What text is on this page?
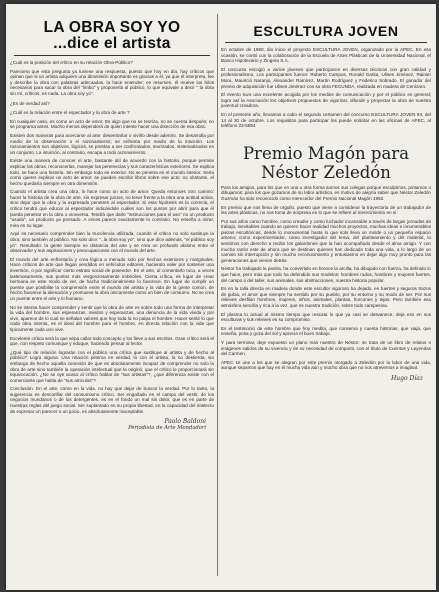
LA OBRA SOY YO
...dice el artista

¿Cuál es la posición del crítico en su relación Obra-Público?

Pareciera que esta pregunta ya tuviese una respuesta, puesto que hoy en día, hay críticos que opinan que si un artista adquiere una dimensión importante es gracias a él, ya que él interpreta, lee y describe la obra con palabras adecuadas, la hace entender; en resumen, él mueve los hilos necesarios para sacar la obra del "limbo" y proponerla al público, lo que equivale a decir " la obra sin mí, críticos, es nada. La obra soy yo".

¿Es de verdad así?

¿Cuál es la relación entre el espectador y la obra de arte ?

En cualquier caso, es como un acto de amor. Es algo que no se teoriza, no se cuenta después; no se programa antes. Mucho menos dependerá de quien intente hacer una disección de esa obra.

Existen dos maneras para acercarse al arte: desentrañar o vivirlo desde adentro. Se desarrolla por medio de la observación o el razonamiento; se enfrenta por medio de la intuición. Los razonamientos son objetivos, lógicos, se prestan a ser confrontados, teorizados, sistematizados en un conjunto. La intuición, al contrario, escapa a todo razonamiento.

Existe una manera de conocer el arte, bastante útil de acuerdo con la historia, porque permite explicar las obras, reconocerlas, manejar las pertenecias y sus características exteriores. Se explica todo, se hace una historia. Sin embargo todo es exterior. No se penetra en el mundo interior. Sería como querer explicar un acto de amor: se pueden escribir libros sobre ese acto: no obstante, el hecho quedaría siempre en otra dimensión.

Cuando el artista crea una obra, lo hace como un acto de amor. Queda entonces otro camino: hacer la historia de la obra de arte, sin expresar juicios, no tener frente a la obra una actitud activa, sino dejar que la obra y la expresado penetren al espectador. Si esta hipótesis es la correcta, el crítico tendrá que educar al espectador indicándole cuáles son los puntos por abrir para que él pueda penetrar en la obra o viceversa. Tendrá que darle "instrucciones para el uso" no un producto "usado", un producto ya pensado. A veces parece exactamente lo contrario. No enseña a mirar, mira en su lugar.

Aquí es necesario comprender bien la trucolencia utilizada, cuando el crítico no solo sustituye la obra, sino también al público. No solo dice: "..la obra soy yo", sino que dice además, "el público soy yo". Resultado: la gente siempre se distancia del arte y se crea un profundo abismo entre el observador y sus aspiraciones y preocupaciones con el mundo del arte.

El mundo del arte enfrentaría y crea lógica a menudo solo por hechos exteriores y marginales. Hace críticos de arte que llegan vendidos en vehículos editores, haciendo valer por sostener una inversión, o por significar cierto estrato social de poseedor. En el arte, al comentarlo toca, a veces lastimosamente, sus puntos más vergonzosamente imbéciles. Cierta crítica, es lugar de crear hermana en este modo de ver, de hacho tradicionalmente lo favorece. En lugar de cumplir un puente que posibilite la comprensión entre el mundo del artista y la vida de la gente común, de hecho favorece la alienación y promueve la obra únicamente como un bien de consumo. No se crea un puente entre el arte y lo humano.

No se intenta hacer comprender y sentir que la obra de arte es sobre todo una forma de interpretar la vida del hombre, sus esperanzas, miedos y esperanzas, una denuncia de la vida vivida y por vivir, aparece de lo cual se señalan valores que hoy toda la no palpa el hombre. Hacer sentir lo que cada obra intenta, es el ideal del hombre para el hombre, en directa relación con la vida que tipicamente cada uno vive.

Excelente crítica será la que sepa callar todo concepto y los lleve a sus escritos. Gran crítico será el que, con respeto comunique y eduque, haciendo pensar al lector.

¿Qué tipo de relación lograrán con el público una crítica que sustituye al artista y de hecho al público? Logra alguna. Una relación pésima en verdad, lo con el artista, la no destierda, sin embargo de hecho aquella conexión de que es absolutamente incapaz de comprender no solo la obra de arte sino también la operación intelectual que la originó, que el crítico le proporcionará sin equivocación. ¿No se oye acaso al crítico hablar de "sus artistas"?, ¿que diferencia existe con el comerciante que habla de "sus artículos"?

Conclusión. En el arte, como en la vida, no hay que dejar de buscar la verdad. Por lo tanto, la sugerencia es desconfiar del consumismo crítico. Ser engañado en el campo del vestir, de los negocios mundanos o de los detergentes, es en el fondo un mal sin dolor, que es en parte de nuestras reglas del juego social. Ser suplantado en su propia libertad, en la capacidad del intelecto de expresar un parecer o un juicio, es absolutamente inaceptable.

Paolo Baldoni
Periodista de Arte Mondadori
ESCULTURA JOVEN

En octubre de 1990, dio inicio el proyecto ESCULTURA JOVEN, organizado por la APEC. En esa ocasión, se contó con la colaboración de la Escuela de Artes Plásticas de la Universidad Nacional, el Banco Hipotecario y Zingera S.A.

El concurso escogió a varios jóvenes que participaron en diversas técnicas con gran calidad y profesionalismo. Los participantes fueron: Roberto Campos, Ronald Garita, Ulises Jiménez, Rainier Mora, Mauricio Naranjo, Alexander Ramírez, Martín Rodríguez y Federico Sobrado. El ganador del premio de adquisición fue Ulises Jiménez con su obra FECUNDA, realizada en madera de Cenízaro.

El evento tuvo una excelente acogida por los medios de comunicación y por el público en general; logra así la Asociación los objetivos propuestos de vigorizar, difundir y proyectar la obra de nuestra juventud creadora.

En el presente año, llevamos a cabo el segundo certamen del concurso ESCULTURA JOVEN 93, del 14 al 30 de octubre. Los requisitos para participar los puede solicitar en las oficinas de APEC, al teléfono 23-5854

Premio Magón para Néstor Zeledón

Para los amigos, para los que en una u otra forma somos sus colegas porque esculpimos, pintamos o dibujamos; para los que gozamos de su labor artística, es motivo de alegría saber que Néstor Zeledón Guzmán ha sido reconocido como merecedor del Premio Nacional Magón 1992.

Es premio que nos llena de orgullo, puesto que viene a considerar la trayectoria de un trabajador de las artes plásticas, no nos toma de sorpresa en lo que se refiere al merecimiento en sí.

Por sus años como hombre, como creador y como luchador incansable a través de largas jornadas de trabajo, inevitables cuando se quieren hacer realidad muchos proyectos, muchas ideas e innumerables piezas escultóricas, desde lo monumental hasta lo que solo lleva un molde o un pequeño espacio ameno; como experimentador, como investigador del tema, del planteamiento y del material, lo sentimos con derecho a recibir los galardones que la han acompañado desde el alma amigo. Y con mucha razón este de ahora que se destinan quienes han dedicado toda una vida, a lo largo de un camino sin interrupción y sin mucho reconocimiento y entusiasmo en dejar algo muy pronto para las generaciones que vienen detrás.

Néstor ha trabajado la piedra, ha convertido en bronce la arcilla, ha dibujado con fuerza, ha definido lo que hace, pero más que todo ha defendido sus modelos: hombres rudos, hombres y mujeres fuertes, del campo o del taller, sus animales, sus abstracciones, nuestra historia popular.

Es en la talla directa en madera donde este escultor vigoroso ha dejado, en fuertes y seguros trazos de gubia, el amor que siempre ha sentido por su pueblo, por su entorno y su modo de ser. Por sus relieves desfilan hombres, mujeres, niños, animales, plantas, horcones y tejas. Pero también esa atmósfera sencilla y rica a la vez, que es nuestra tradición, sobre todo campesina.

El plasma lo actual al mismo tiempo que rescata lo que ya casi se desvanece, deja eso en sus esculturas y sus relieves es su compromiso.

Es el testimonio de este hombre que hoy medita, que conserva y cuenta historias, que viaja, que enseña, posa y goza del sol y aprecia el buen trabajo.

Y para terminar, deje expuesto un plano más nuestro de Néstor: se trata de un libro de relatos e imágenes salidos de su vivencia y de su necesidad de compartir, con el título de Cuentos y Leyendas del Carmen.

APEC se une a los que se alegran por este premio otorgado a Zeledón por la labor de una vida, aunque sepamos que hay en él mucha vida aún y mucho obra que no nos atrevemos a imaginar.

Hugo Díaz
